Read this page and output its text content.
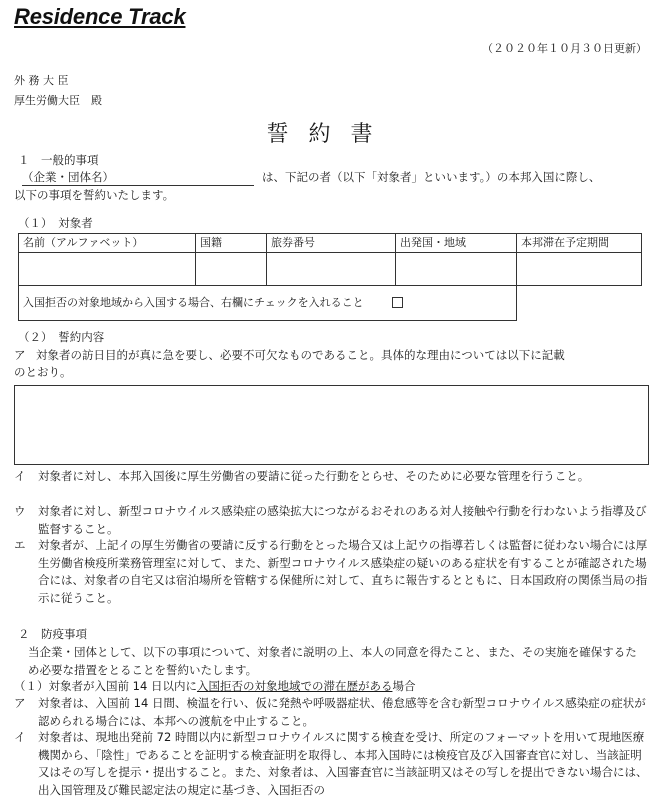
Residence Track
（２０２０年１０月３０日更新）
外 務 大 臣
厚生労働大臣　殿
誓約書
１　一般的事項
（企業・団体名）	は、下記の者（以下「対象者」といいます。）の本邦入国に際し、
以下の事項を誓約いたします。
（１）　対象者
名前（アルファベット）	国籍	旅券番号	出発国・地域	本邦滞在予定期間

入国拒否の対象地域から入国する場合、右欄にチェックを入れること				
（２）　誓約内容
ア 対象者の訪日目的が真に急を要し、必要不可欠なものであること。具体的な理由については以下に記載
のとおり。
イ 対象者に対し、本邦入国後に厚生労働省の要請に従った行動をとらせ、そのために必要な管理を行うこと。
ウ 対象者に対し、新型コロナウイルス感染症の感染拡大につながるおそれのある対人接触や行動を行わないよう指導及び監督すること。
エ 対象者が、上記イの厚生労働省の要請に反する行動をとった場合又は上記ウの指導若しくは監督に従わない場合には厚生労働省検疫所業務管理室に対して、また、新型コロナウイルス感染症の疑いのある症状を有することが確認された場合には、対象者の自宅又は宿泊場所を管轄する保健所に対して、直ちに報告するとともに、日本国政府の関係当局の指示に従うこと。
２　防疫事項
当企業・団体として、以下の事項について、対象者に説明の上、本人の同意を得たこと、また、その実施を確保するため必要な措置をとることを誓約いたします。
（１）対象者が入国前 14 日以内に入国拒否の対象地域での滞在歴がある場合
ア 対象者は、入国前 14 日間、検温を行い、仮に発熱や呼吸器症状、倦怠感等を含む新型コロナウイルス感染症の症状が認められる場合には、本邦への渡航を中止すること。
イ 対象者は、現地出発前 72 時間以内に新型コロナウイルスに関する検査を受け、所定のフォーマットを用いて現地医療機関から、「陰性」であることを証明する検査証明を取得し、本邦入国時には検疫官及び入国審査官に対し、当該証明又はその写しを提示・提出すること。また、対象者は、入国審査官に当該証明又はその写しを提出できない場合には、出入国管理及び難民認定法の規定に基づき、入国拒否の
